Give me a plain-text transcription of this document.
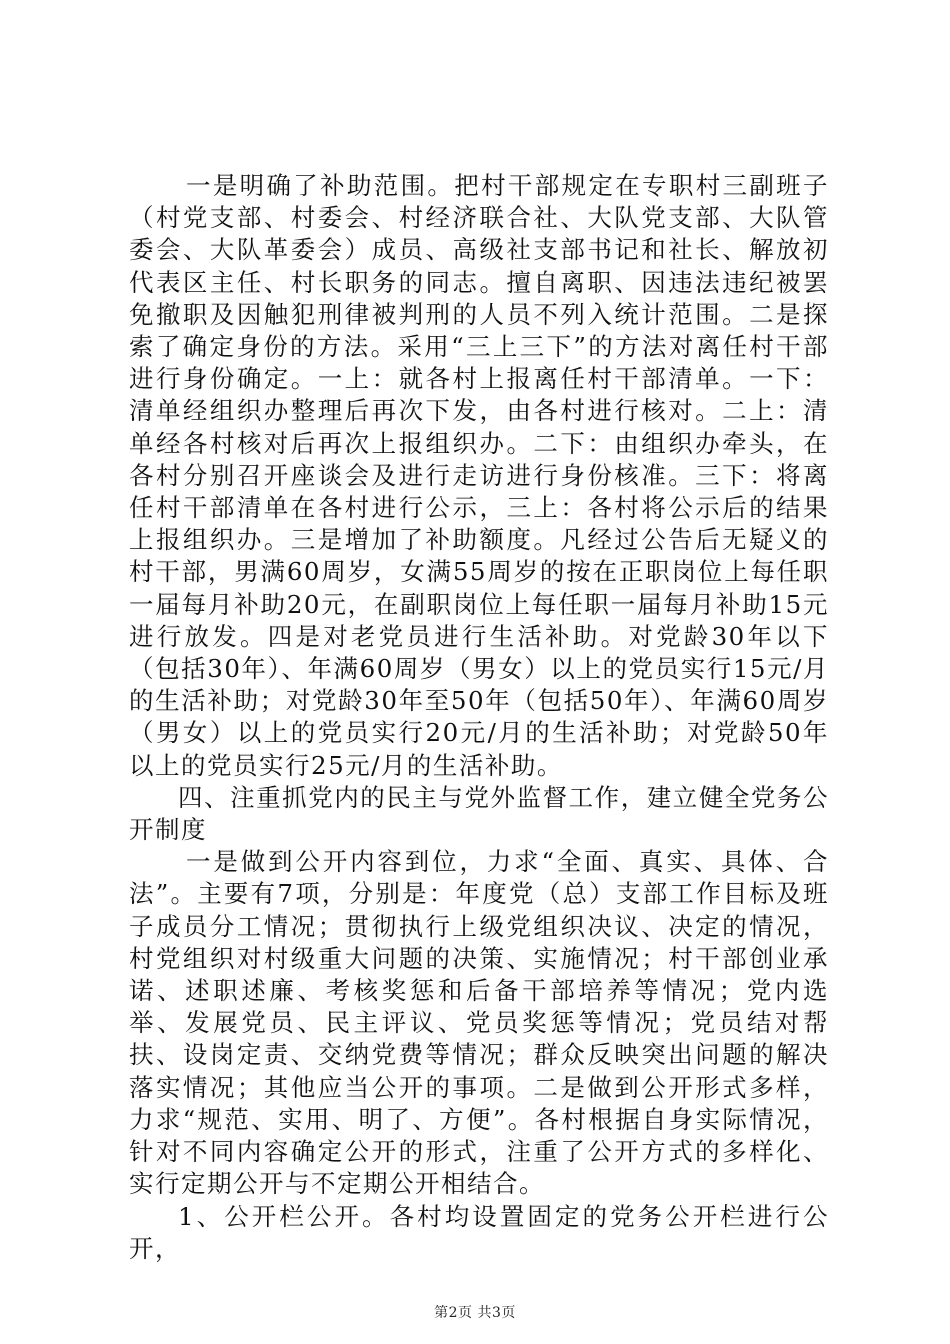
一是明确了补助范围。把村干部规定在专职村三副班子（村党支部、村委会、村经济联合社、大队党支部、大队管委会、大队革委会）成员、高级社支部书记和社长、解放初代表区主任、村长职务的同志。擅自离职、因违法违纪被罢免撤职及因触犯刑律被判刑的人员不列入统计范围。二是探索了确定身份的方法。采用“三上三下”的方法对离任村干部进行身份确定。一上：就各村上报离任村干部清单。一下：清单经组织办整理后再次下发，由各村进行核对。二上：清单经各村核对后再次上报组织办。二下：由组织办牵头，在各村分别召开座谈会及进行走访进行身份核准。三下：将离任村干部清单在各村进行公示，三上：各村将公示后的结果上报组织办。三是增加了补助额度。凡经过公告后无疑义的村干部，男满60周岁，女满55周岁的按在正职岗位上每任职一届每月补助20元，在副职岗位上每任职一届每月补助15元进行放发。四是对老党员进行生活补助。对党龄30年以下（包括30年）、年满60周岁（男女）以上的党员实行15元/月的生活补助；对党龄30年至50年（包括50年）、年满60周岁（男女）以上的党员实行20元/月的生活补助；对党龄50年以上的党员实行25元/月的生活补助。

四、注重抓党内的民主与党外监督工作，建立健全党务公开制度

一是做到公开内容到位，力求“全面、真实、具体、合法”。主要有7项，分别是：年度党（总）支部工作目标及班子成员分工情况；贯彻执行上级党组织决议、决定的情况，村党组织对村级重大问题的决策、实施情况；村干部创业承诺、述职述廉、考核奖惩和后备干部培养等情况；党内选举、发展党员、民主评议、党员奖惩等情况；党员结对帮扶、设岗定责、交纳党费等情况；群众反映突出问题的解决落实情况；其他应当公开的事项。二是做到公开形式多样，力求“规范、实用、明了、方便”。各村根据自身实际情况，针对不同内容确定公开的形式，注重了公开方式的多样化、实行定期公开与不定期公开相结合。

1、公开栏公开。各村均设置固定的党务公开栏进行公开，

第2页 共3页
